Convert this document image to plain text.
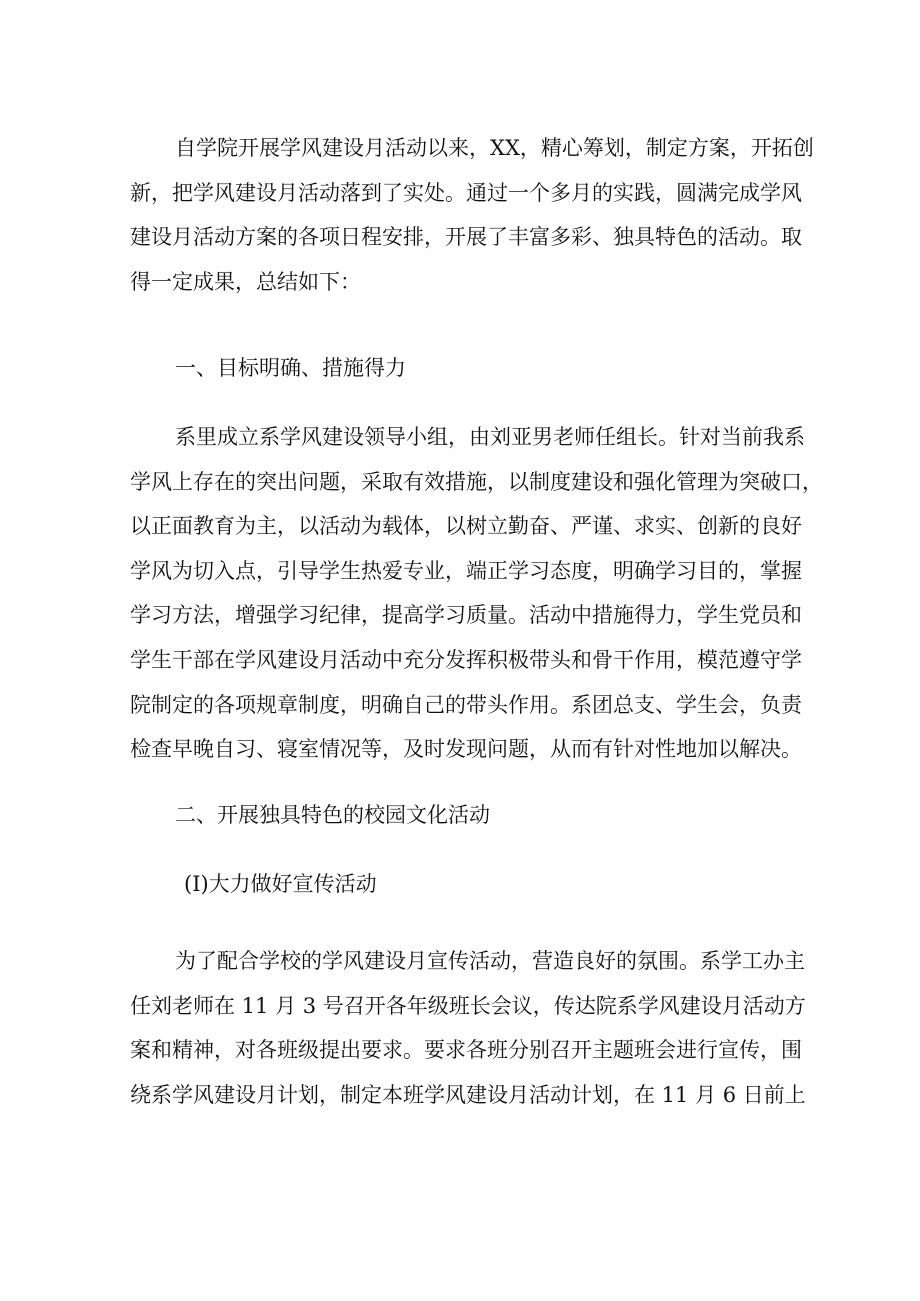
自学院开展学风建设月活动以来，XX，精心筹划，制定方案，开拓创
新，把学风建设月活动落到了实处。通过一个多月的实践，圆满完成学风
建设月活动方案的各项日程安排，开展了丰富多彩、独具特色的活动。取
得一定成果，总结如下：
一、目标明确、措施得力
系里成立系学风建设领导小组，由刘亚男老师任组长。针对当前我系
学风上存在的突出问题，采取有效措施，以制度建设和强化管理为突破口，
以正面教育为主，以活动为载体，以树立勤奋、严谨、求实、创新的良好
学风为切入点，引导学生热爱专业，端正学习态度，明确学习目的，掌握
学习方法，增强学习纪律，提高学习质量。活动中措施得力，学生党员和
学生干部在学风建设月活动中充分发挥积极带头和骨干作用，模范遵守学
院制定的各项规章制度，明确自己的带头作用。系团总支、学生会，负责
检查早晚自习、寝室情况等，及时发现问题，从而有针对性地加以解决。
二、开展独具特色的校园文化活动
(I)大力做好宣传活动
为了配合学校的学风建设月宣传活动，营造良好的氛围。系学工办主
任刘老师在 11 月 3 号召开各年级班长会议，传达院系学风建设月活动方
案和精神，对各班级提出要求。要求各班分别召开主题班会进行宣传，围
绕系学风建设月计划，制定本班学风建设月活动计划，在 11 月 6 日前上
